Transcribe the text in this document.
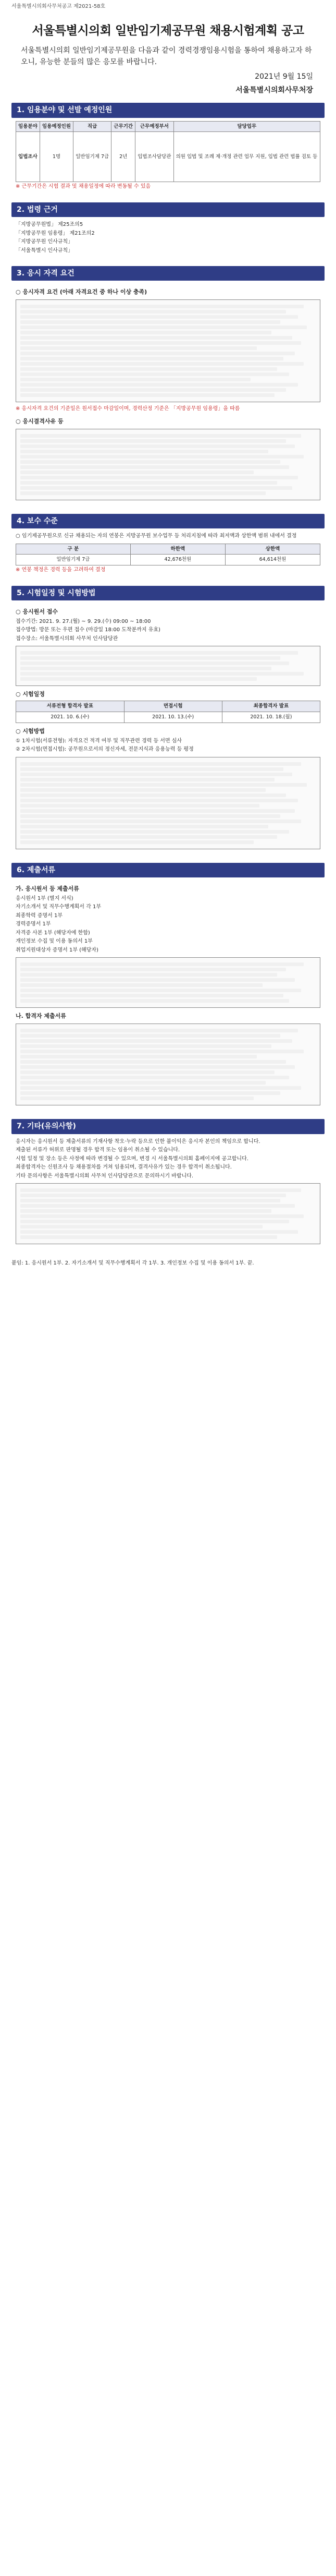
서울특별시의회사무처공고 제2021-58호
서울특별시의회 일반임기제공무원 채용시험계획 공고
서울특별시의회 일반임기제공무원을 다음과 같이 경력경쟁임용시험을 통하여 채용하고자 하오니, 유능한 분들의 많은 응모를 바랍니다.
2021년 9월 15일
서울특별시의회사무처장
1. 임용분야 및 선발 예정인원
임용분야	임용예정인원	직급	근무기간	근무예정부서	담당업무
입법조사	1명	일반임기제 7급	2년	입법조사담당관	의원 입법 및 조례 제·개정 관련 업무 지원, 입법 관련 법률 검토 등
※ 근무기간은 시험 결과 및 채용일정에 따라 변동될 수 있음
2. 법령 근거
「지방공무원법」 제25조의5
「지방공무원 임용령」 제21조의2
「지방공무원 인사규칙」
「서울특별시 인사규칙」
3. 응시 자격 요건
○ 응시자격 요건 (아래 자격요건 중 하나 이상 충족)
※ 응시자격 요건의 기준일은 원서접수 마감일이며, 경력산정 기준은 「지방공무원 임용령」을 따름
○ 응시결격사유 등
4. 보수 수준
○ 임기제공무원으로 신규 채용되는 자의 연봉은 지방공무원 보수업무 등 처리지침에 따라 최저액과 상한액 범위 내에서 결정
구 분	하한액	상한액
일반임기제 7급	42,676천원	64,614천원
※ 연봉 책정은 경력 등을 고려하여 결정
5. 시험일정 및 시험방법
○ 응시원서 접수
접수기간: 2021. 9. 27.(월) ~ 9. 29.(수) 09:00 ~ 18:00
접수방법: 방문 또는 우편 접수 (마감일 18:00 도착분까지 유효)
접수장소: 서울특별시의회 사무처 인사담당관
○ 시험일정
서류전형 합격자 발표	면접시험	최종합격자 발표
2021. 10. 6.(수)	2021. 10. 13.(수)	2021. 10. 18.(월)
○ 시험방법
① 1차시험(서류전형): 자격요건 적격 여부 및 직무관련 경력 등 서면 심사
② 2차시험(면접시험): 공무원으로서의 정신자세, 전문지식과 응용능력 등 평정
6. 제출서류
가. 응시원서 등 제출서류
응시원서 1부 (별지 서식)
자기소개서 및 직무수행계획서 각 1부
최종학력 증명서 1부
경력증명서 1부
자격증 사본 1부 (해당자에 한함)
개인정보 수집 및 이용 동의서 1부
취업지원대상자 증명서 1부 (해당자)
나. 합격자 제출서류
7. 기타(유의사항)
응시자는 응시원서 등 제출서류의 기재사항 착오·누락 등으로 인한 불이익은 응시자 본인의 책임으로 합니다.
제출된 서류가 허위로 판명될 경우 합격 또는 임용이 취소될 수 있습니다.
시험 일정 및 장소 등은 사정에 따라 변경될 수 있으며, 변경 시 서울특별시의회 홈페이지에 공고합니다.
최종합격자는 신원조사 등 채용절차를 거쳐 임용되며, 결격사유가 있는 경우 합격이 취소됩니다.
기타 문의사항은 서울특별시의회 사무처 인사담당관으로 문의하시기 바랍니다.
붙임: 1. 응시원서 1부. 2. 자기소개서 및 직무수행계획서 각 1부. 3. 개인정보 수집 및 이용 동의서 1부. 끝.
